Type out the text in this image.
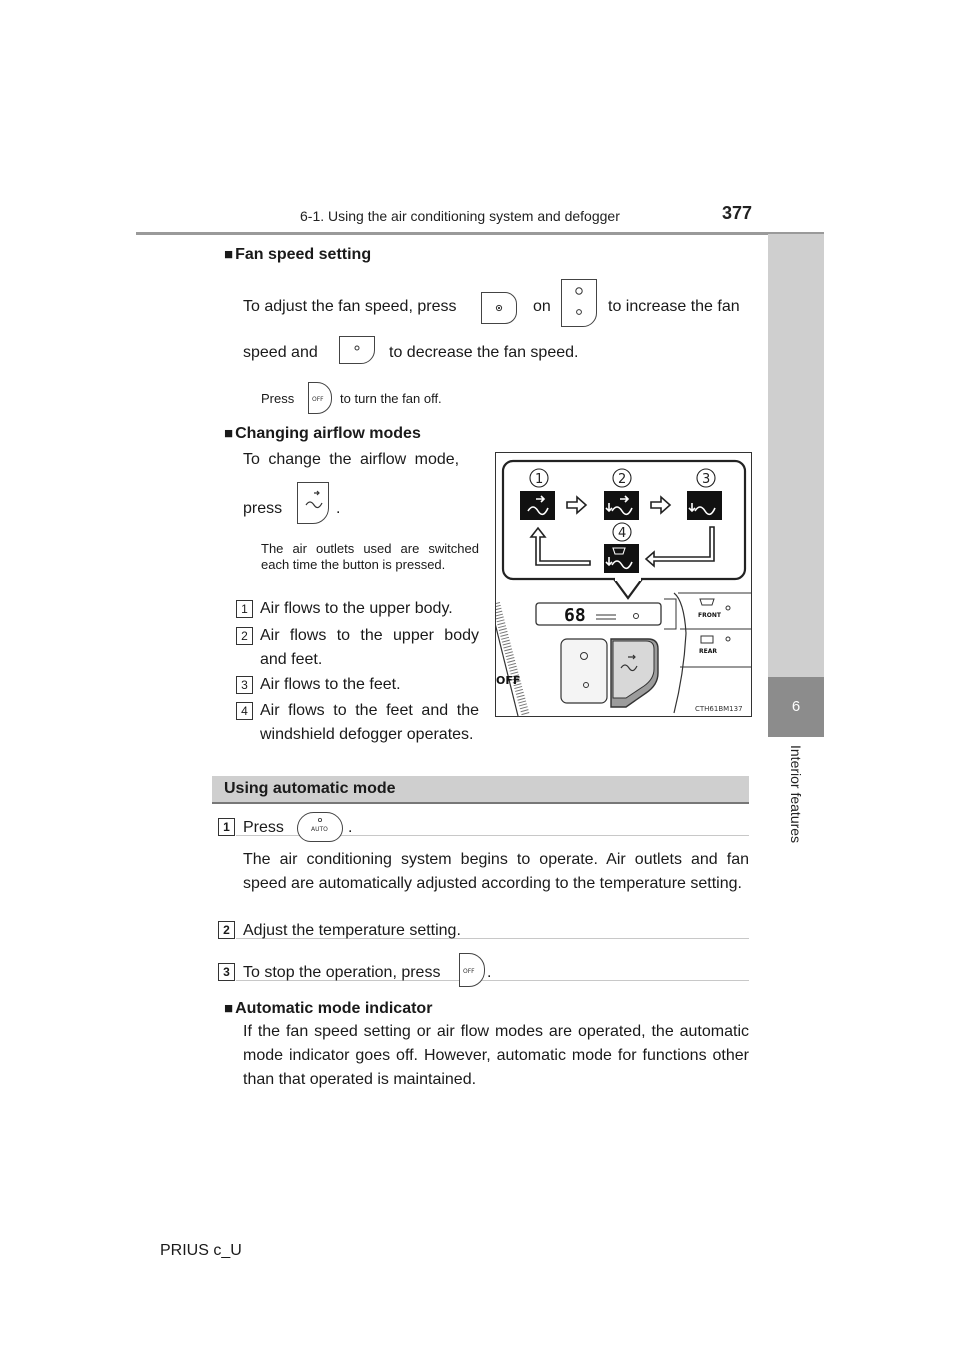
6-1. Using the air conditioning system and defogger	377
6
Interior features
■ Fan speed setting
To adjust the fan speed, press	on	to increase the fan
speed and	to decrease the fan speed.
Press	OFF to turn the fan off.
■ Changing airflow modes
To change the airflow mode,
press	.
The air outlets used are switched each time the button is pressed.
1 Air flows to the upper body.
2 Air flows to the upper body and feet.
3 Air flows to the feet.
4 Air flows to the feet and the windshield defogger operates.
1	2	3
4
68
OFF
FRONT
REAR
CTH61BM137
Using automatic mode
1 Press	AUTO .
The air conditioning system begins to operate. Air outlets and fan speed are automatically adjusted according to the temperature setting.
2 Adjust the temperature setting.
3 To stop the operation, press	OFF .
■ Automatic mode indicator
If the fan speed setting or air flow modes are operated, the automatic mode indicator goes off. However, automatic mode for functions other than that operated is maintained.
PRIUS c_U
